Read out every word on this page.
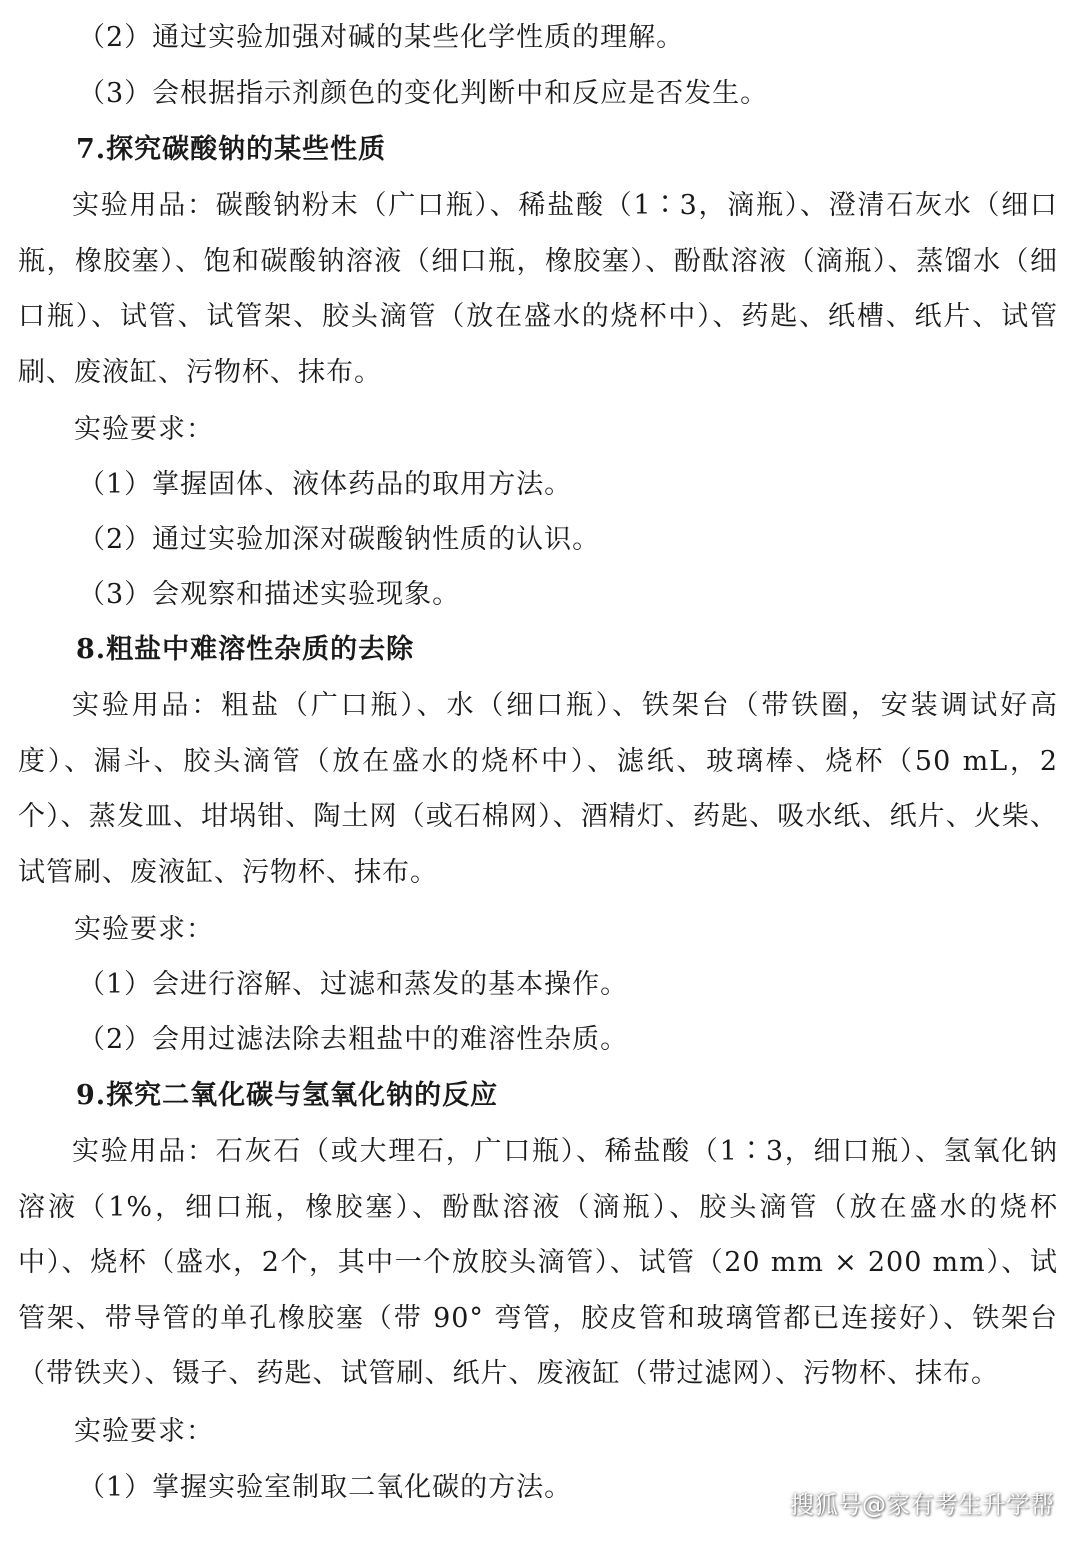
（2）通过实验加强对碱的某些化学性质的理解。
（3）会根据指示剂颜色的变化判断中和反应是否发生。
7.探究碳酸钠的某些性质
实验用品：碳酸钠粉末（广口瓶）、稀盐酸（1∶3，滴瓶）、澄清石灰水（细口瓶，橡胶塞）、饱和碳酸钠溶液（细口瓶，橡胶塞）、酚酞溶液（滴瓶）、蒸馏水（细口瓶）、试管、试管架、胶头滴管（放在盛水的烧杯中）、药匙、纸槽、纸片、试管刷、废液缸、污物杯、抹布。
实验要求：
（1）掌握固体、液体药品的取用方法。
（2）通过实验加深对碳酸钠性质的认识。
（3）会观察和描述实验现象。
8.粗盐中难溶性杂质的去除
实验用品：粗盐（广口瓶）、水（细口瓶）、铁架台（带铁圈，安装调试好高度）、漏斗、胶头滴管（放在盛水的烧杯中）、滤纸、玻璃棒、烧杯（50 mL，2 个）、蒸发皿、坩埚钳、陶土网（或石棉网）、酒精灯、药匙、吸水纸、纸片、火柴、试管刷、废液缸、污物杯、抹布。
实验要求：
（1）会进行溶解、过滤和蒸发的基本操作。
（2）会用过滤法除去粗盐中的难溶性杂质。
9.探究二氧化碳与氢氧化钠的反应
实验用品：石灰石（或大理石，广口瓶）、稀盐酸（1∶3，细口瓶）、氢氧化钠溶液（1%，细口瓶，橡胶塞）、酚酞溶液（滴瓶）、胶头滴管（放在盛水的烧杯中）、烧杯（盛水，2个，其中一个放胶头滴管）、试管（20 mm × 200 mm）、试管架、带导管的单孔橡胶塞（带 90° 弯管，胶皮管和玻璃管都已连接好）、铁架台（带铁夹）、镊子、药匙、试管刷、纸片、废液缸（带过滤网）、污物杯、抹布。
实验要求：
（1）掌握实验室制取二氧化碳的方法。
搜狐号@家有考生升学帮
